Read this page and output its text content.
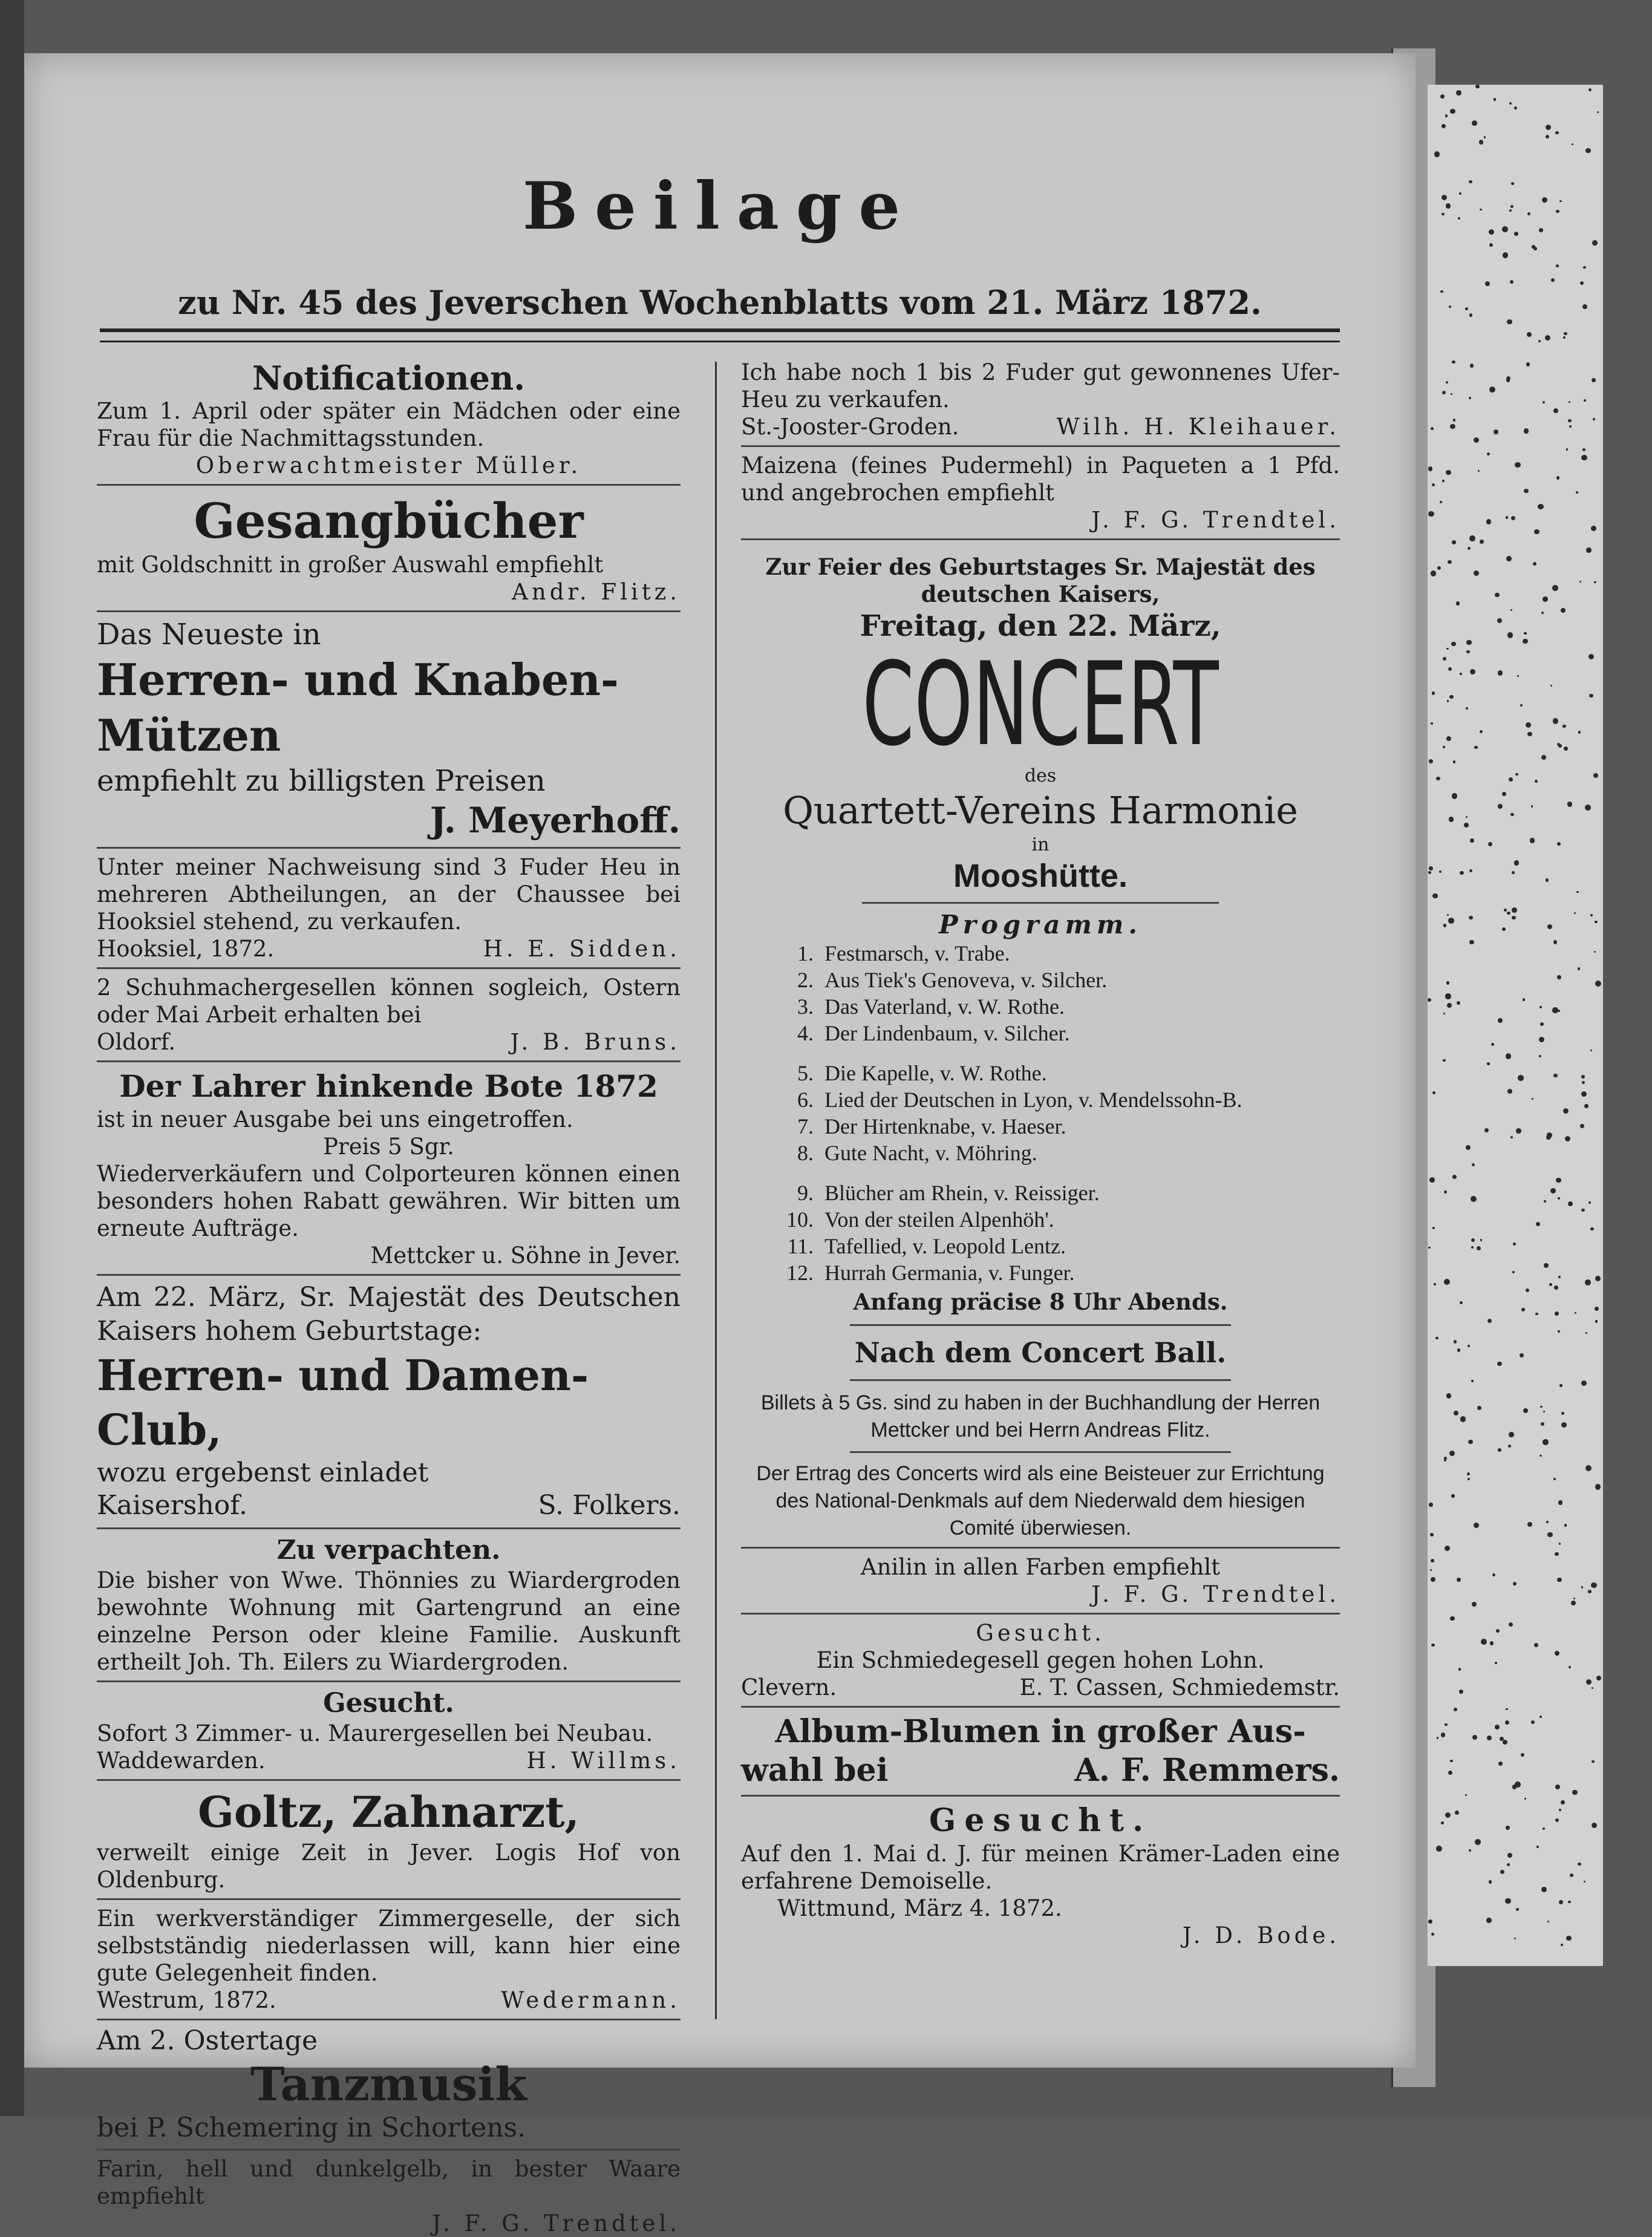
Beilage
zu Nr. 45 des Jeverschen Wochenblatts vom 21. März 1872.

Notificationen.

Zum 1. April oder später ein Mädchen oder eine Frau für die Nachmittagsstunden.

Oberwachtmeister Müller.

Gesangbücher

mit Goldschnitt in großer Auswahl empfiehlt

Andr. Flitz.

Das Neueste in

Herren- und Knaben-Mützen

empfiehlt zu billigsten Preisen

J. Meyerhoff.

Unter meiner Nachweisung sind 3 Fuder Heu in mehreren Abtheilungen, an der Chaussee bei Hooksiel stehend, zu verkaufen.

Hooksiel, 1872.	H. E. Sidden.

2 Schuhmachergesellen können sogleich, Ostern oder Mai Arbeit erhalten bei

Oldorf.	J. B. Bruns.

Der Lahrer hinkende Bote 1872

ist in neuer Ausgabe bei uns eingetroffen.

Preis 5 Sgr.

Wiederverkäufern und Colporteuren können einen besonders hohen Rabatt gewähren. Wir bitten um erneute Aufträge.

Mettcker u. Söhne in Jever.

Am 22. März, Sr. Majestät des Deutschen Kaisers hohem Geburtstage:

Herren- und Damen-Club,

wozu ergebenst einladet

Kaisershof.	S. Folkers.

Zu verpachten.

Die bisher von Wwe. Thönnies zu Wiardergroden bewohnte Wohnung mit Gartengrund an eine einzelne Person oder kleine Familie. Auskunft ertheilt Joh. Th. Eilers zu Wiardergroden.

Gesucht.

Sofort 3 Zimmer- u. Maurergesellen bei Neubau.

Waddewarden.	H. Willms.

Goltz, Zahnarzt,

verweilt einige Zeit in Jever. Logis Hof von Oldenburg.

Ein werkverständiger Zimmergeselle, der sich selbstständig niederlassen will, kann hier eine gute Gelegenheit finden.

Westrum, 1872.	Wedermann.

Am 2. Ostertage

Tanzmusik

bei P. Schemering in Schortens.

Farin, hell und dunkelgelb, in bester Waare empfiehlt

J. F. G. Trendtel.

Ich habe noch 1 bis 2 Fuder gut gewonnenes Ufer-Heu zu verkaufen.

St.-Jooster-Groden.	Wilh. H. Kleihauer.

Maizena (feines Pudermehl) in Paqueten a 1 Pfd. und angebrochen empfiehlt

J. F. G. Trendtel.

Zur Feier des Geburtstages Sr. Majestät des deutschen Kaisers,

Freitag, den 22. März,

CONCERT

des

Quartett-Vereins Harmonie

in

Mooshütte.

Programm.

1. Festmarsch, v. Trabe.
2. Aus Tiek's Genoveva, v. Silcher.
3. Das Vaterland, v. W. Rothe.
4. Der Lindenbaum, v. Silcher.
5. Die Kapelle, v. W. Rothe.
6. Lied der Deutschen in Lyon, v. Mendelssohn-B.
7. Der Hirtenknabe, v. Haeser.
8. Gute Nacht, v. Möhring.
9. Blücher am Rhein, v. Reissiger.
10. Von der steilen Alpenhöh'.
11. Tafellied, v. Leopold Lentz.
12. Hurrah Germania, v. Funger.

Anfang präcise 8 Uhr Abends.

Nach dem Concert Ball.

Billets à 5 Gs. sind zu haben in der Buchhandlung der Herren Mettcker und bei Herrn Andreas Flitz.

Der Ertrag des Concerts wird als eine Beisteuer zur Errichtung des National-Denkmals auf dem Niederwald dem hiesigen Comité überwiesen.

Anilin in allen Farben empfiehlt

J. F. G. Trendtel.

Gesucht.

Ein Schmiedegesell gegen hohen Lohn.

Clevern.	E. T. Cassen, Schmiedemstr.

Album-Blumen in großer Aus-

wahl bei	A. F. Remmers.

Gesucht.

Auf den 1. Mai d. J. für meinen Krämer-Laden eine erfahrene Demoiselle.

Wittmund, März 4. 1872.

J. D. Bode.
